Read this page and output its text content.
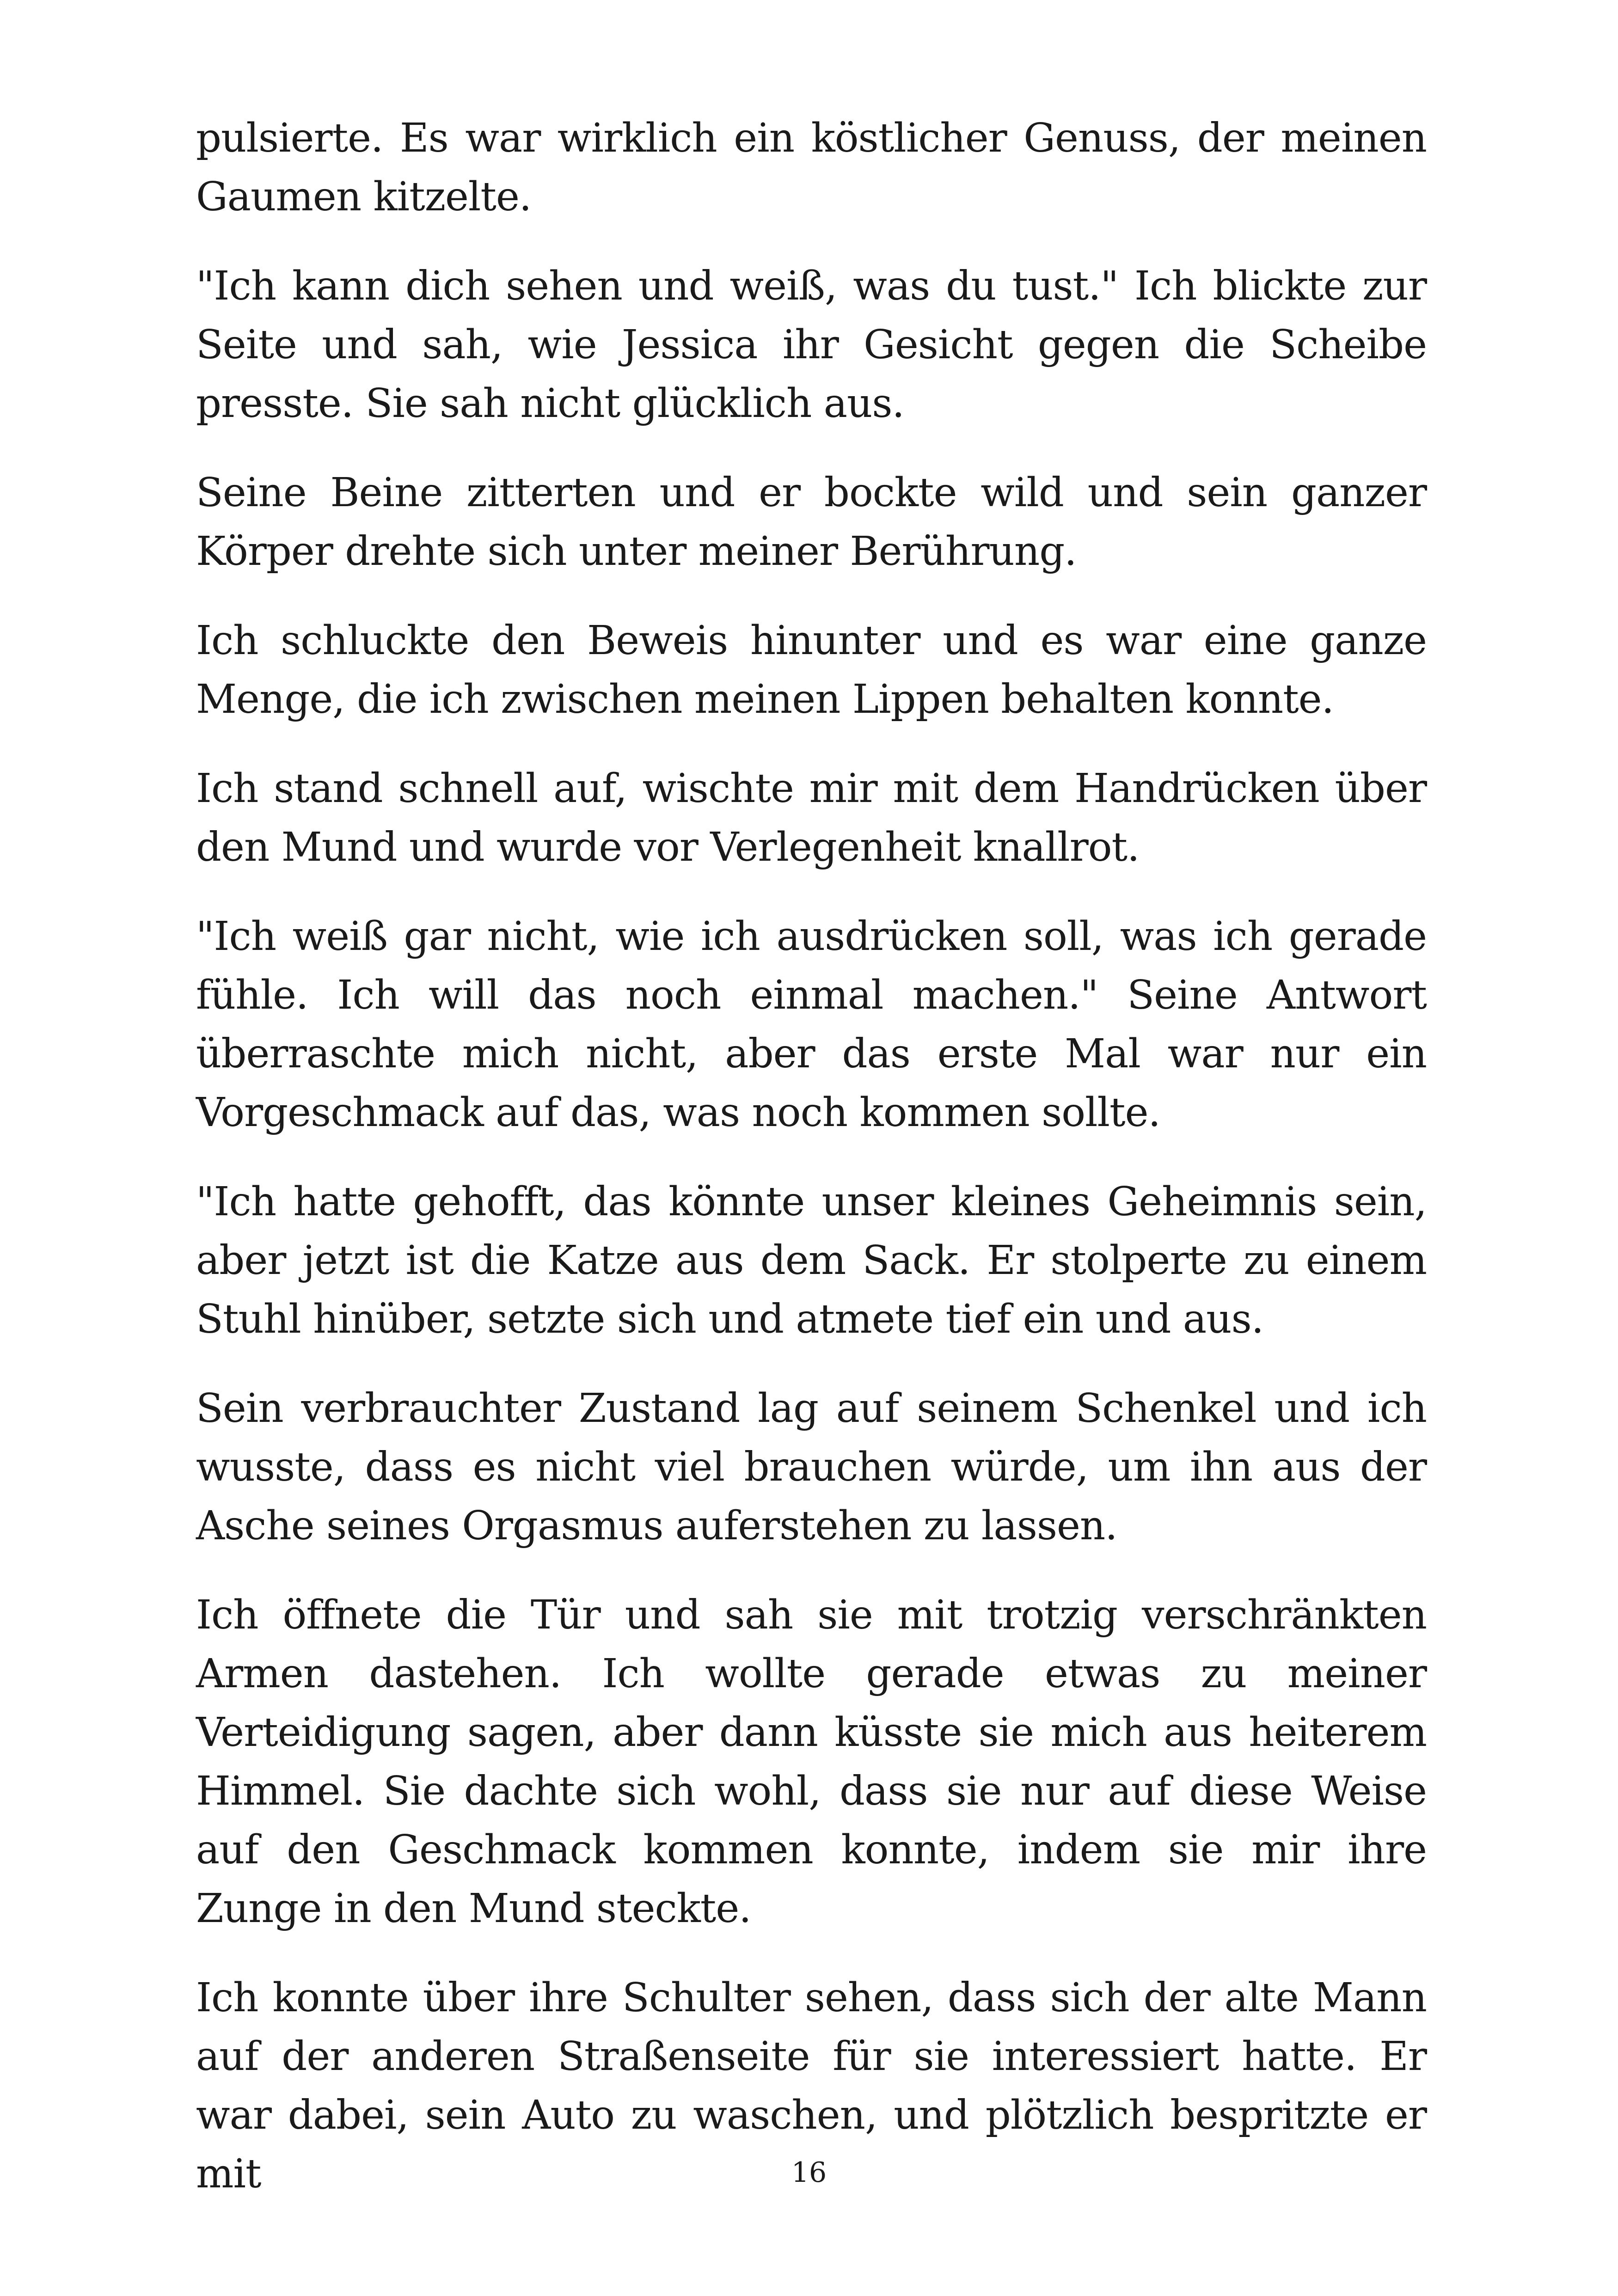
pulsierte. Es war wirklich ein köstlicher Genuss, der meinen Gaumen kitzelte.

"Ich kann dich sehen und weiß, was du tust." Ich blickte zur Seite und sah, wie Jessica ihr Gesicht gegen die Scheibe presste. Sie sah nicht glücklich aus.

Seine Beine zitterten und er bockte wild und sein ganzer Körper drehte sich unter meiner Berührung.

Ich schluckte den Beweis hinunter und es war eine ganze Menge, die ich zwischen meinen Lippen behalten konnte.

Ich stand schnell auf, wischte mir mit dem Handrücken über den Mund und wurde vor Verlegenheit knallrot.

"Ich weiß gar nicht, wie ich ausdrücken soll, was ich gerade fühle. Ich will das noch einmal machen." Seine Antwort überraschte mich nicht, aber das erste Mal war nur ein Vorgeschmack auf das, was noch kommen sollte.

"Ich hatte gehofft, das könnte unser kleines Geheimnis sein, aber jetzt ist die Katze aus dem Sack. Er stolperte zu einem Stuhl hinüber, setzte sich und atmete tief ein und aus.

Sein verbrauchter Zustand lag auf seinem Schenkel und ich wusste, dass es nicht viel brauchen würde, um ihn aus der Asche seines Orgasmus auferstehen zu lassen.

Ich öffnete die Tür und sah sie mit trotzig verschränkten Armen dastehen. Ich wollte gerade etwas zu meiner Verteidigung sagen, aber dann küsste sie mich aus heiterem Himmel. Sie dachte sich wohl, dass sie nur auf diese Weise auf den Geschmack kommen konnte, indem sie mir ihre Zunge in den Mund steckte.

Ich konnte über ihre Schulter sehen, dass sich der alte Mann auf der anderen Straßenseite für sie interessiert hatte. Er war dabei, sein Auto zu waschen, und plötzlich bespritzte er mit	16
